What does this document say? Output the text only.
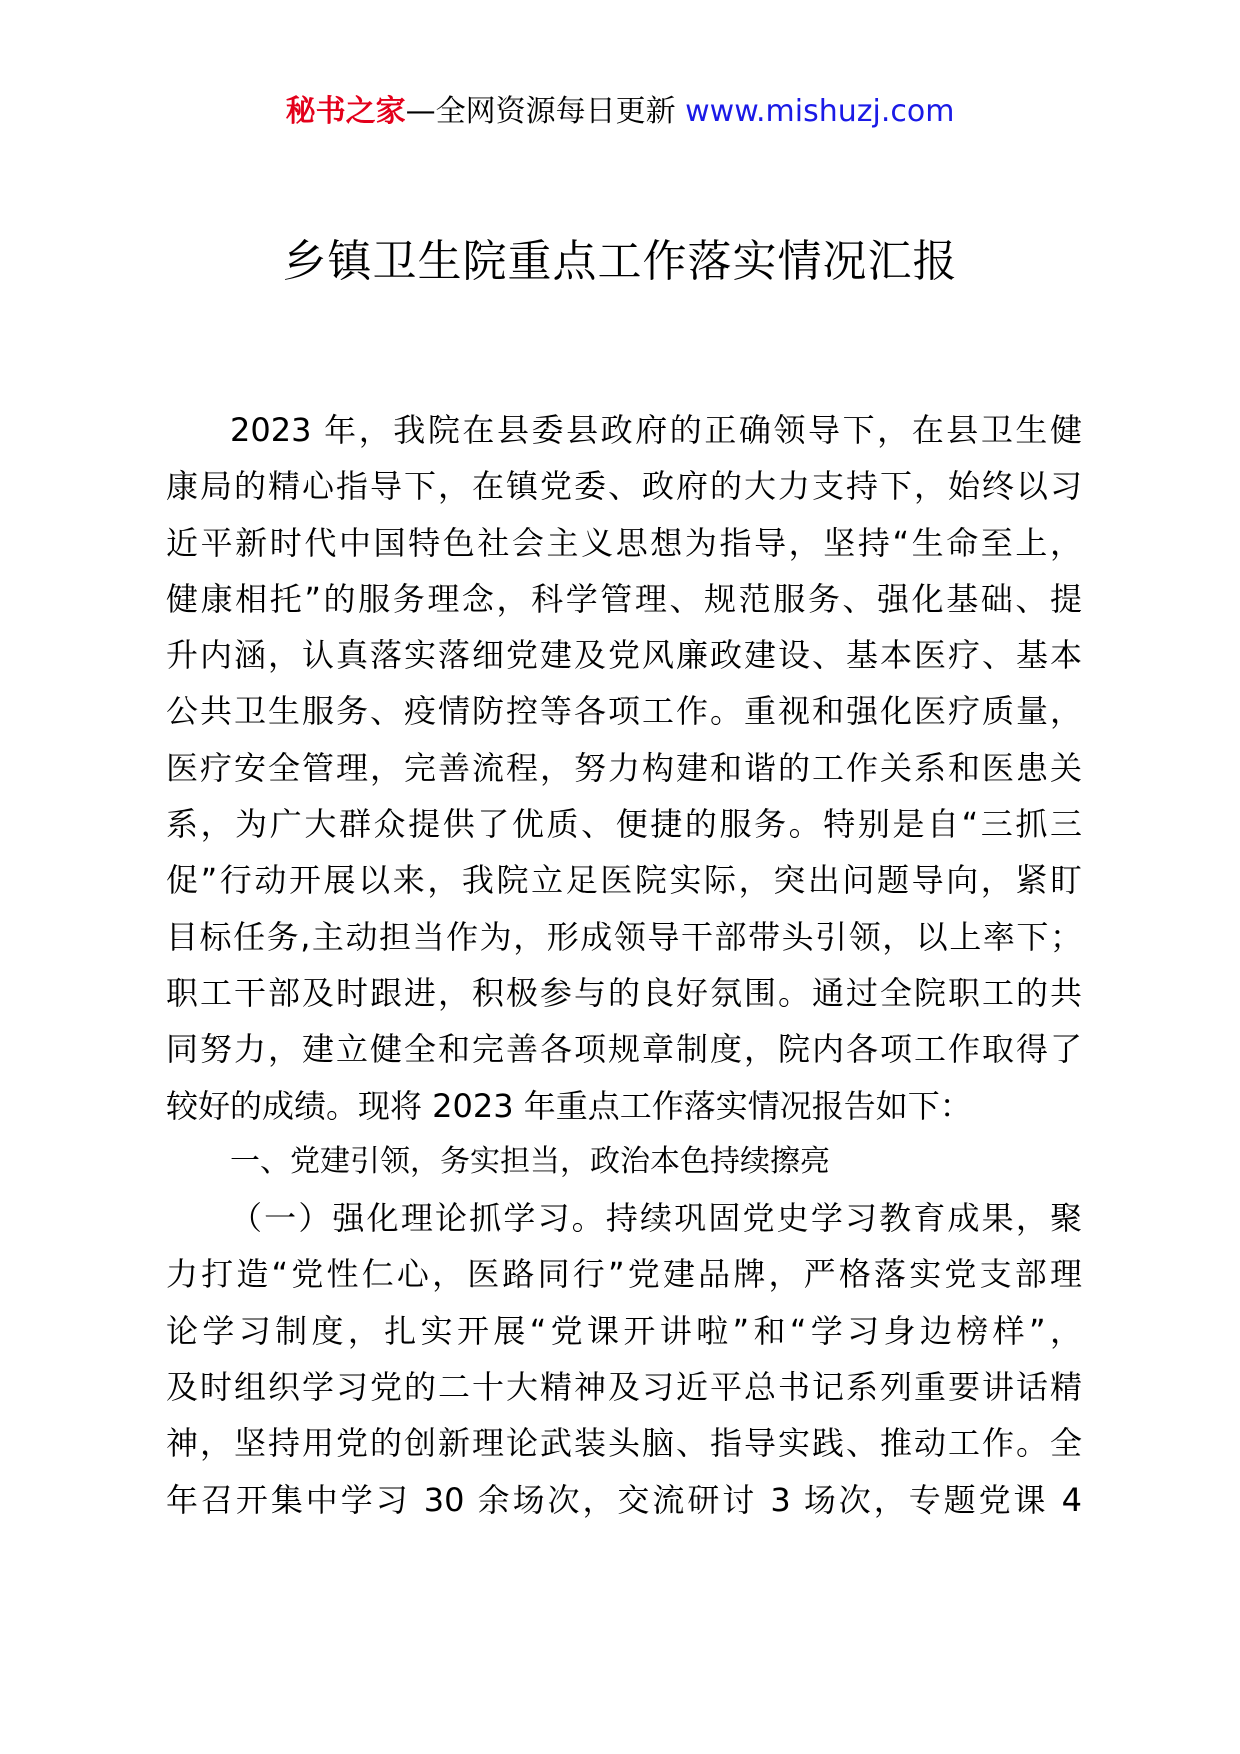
秘书之家—全网资源每日更新 www.mishuzj.com
乡镇卫生院重点工作落实情况汇报
2023 年，我院在县委县政府的正确领导下，在县卫生健
康局的精心指导下，在镇党委、政府的大力支持下，始终以习
近平新时代中国特色社会主义思想为指导，坚持“生命至上，
健康相托”的服务理念，科学管理、规范服务、强化基础、提
升内涵，认真落实落细党建及党风廉政建设、基本医疗、基本
公共卫生服务、疫情防控等各项工作。重视和强化医疗质量，
医疗安全管理，完善流程，努力构建和谐的工作关系和医患关
系，为广大群众提供了优质、便捷的服务。特别是自“三抓三
促”行动开展以来，我院立足医院实际，突出问题导向，紧盯
目标任务,主动担当作为，形成领导干部带头引领，以上率下；
职工干部及时跟进，积极参与的良好氛围。通过全院职工的共
同努力，建立健全和完善各项规章制度，院内各项工作取得了
较好的成绩。现将 2023 年重点工作落实情况报告如下：
一、党建引领，务实担当，政治本色持续擦亮
（一）强化理论抓学习。持续巩固党史学习教育成果，聚
力打造“党性仁心，医路同行”党建品牌，严格落实党支部理
论学习制度，扎实开展“党课开讲啦”和“学习身边榜样”，
及时组织学习党的二十大精神及习近平总书记系列重要讲话精
神，坚持用党的创新理论武装头脑、指导实践、推动工作。全
年召开集中学习 30 余场次，交流研讨 3 场次，专题党课 4
